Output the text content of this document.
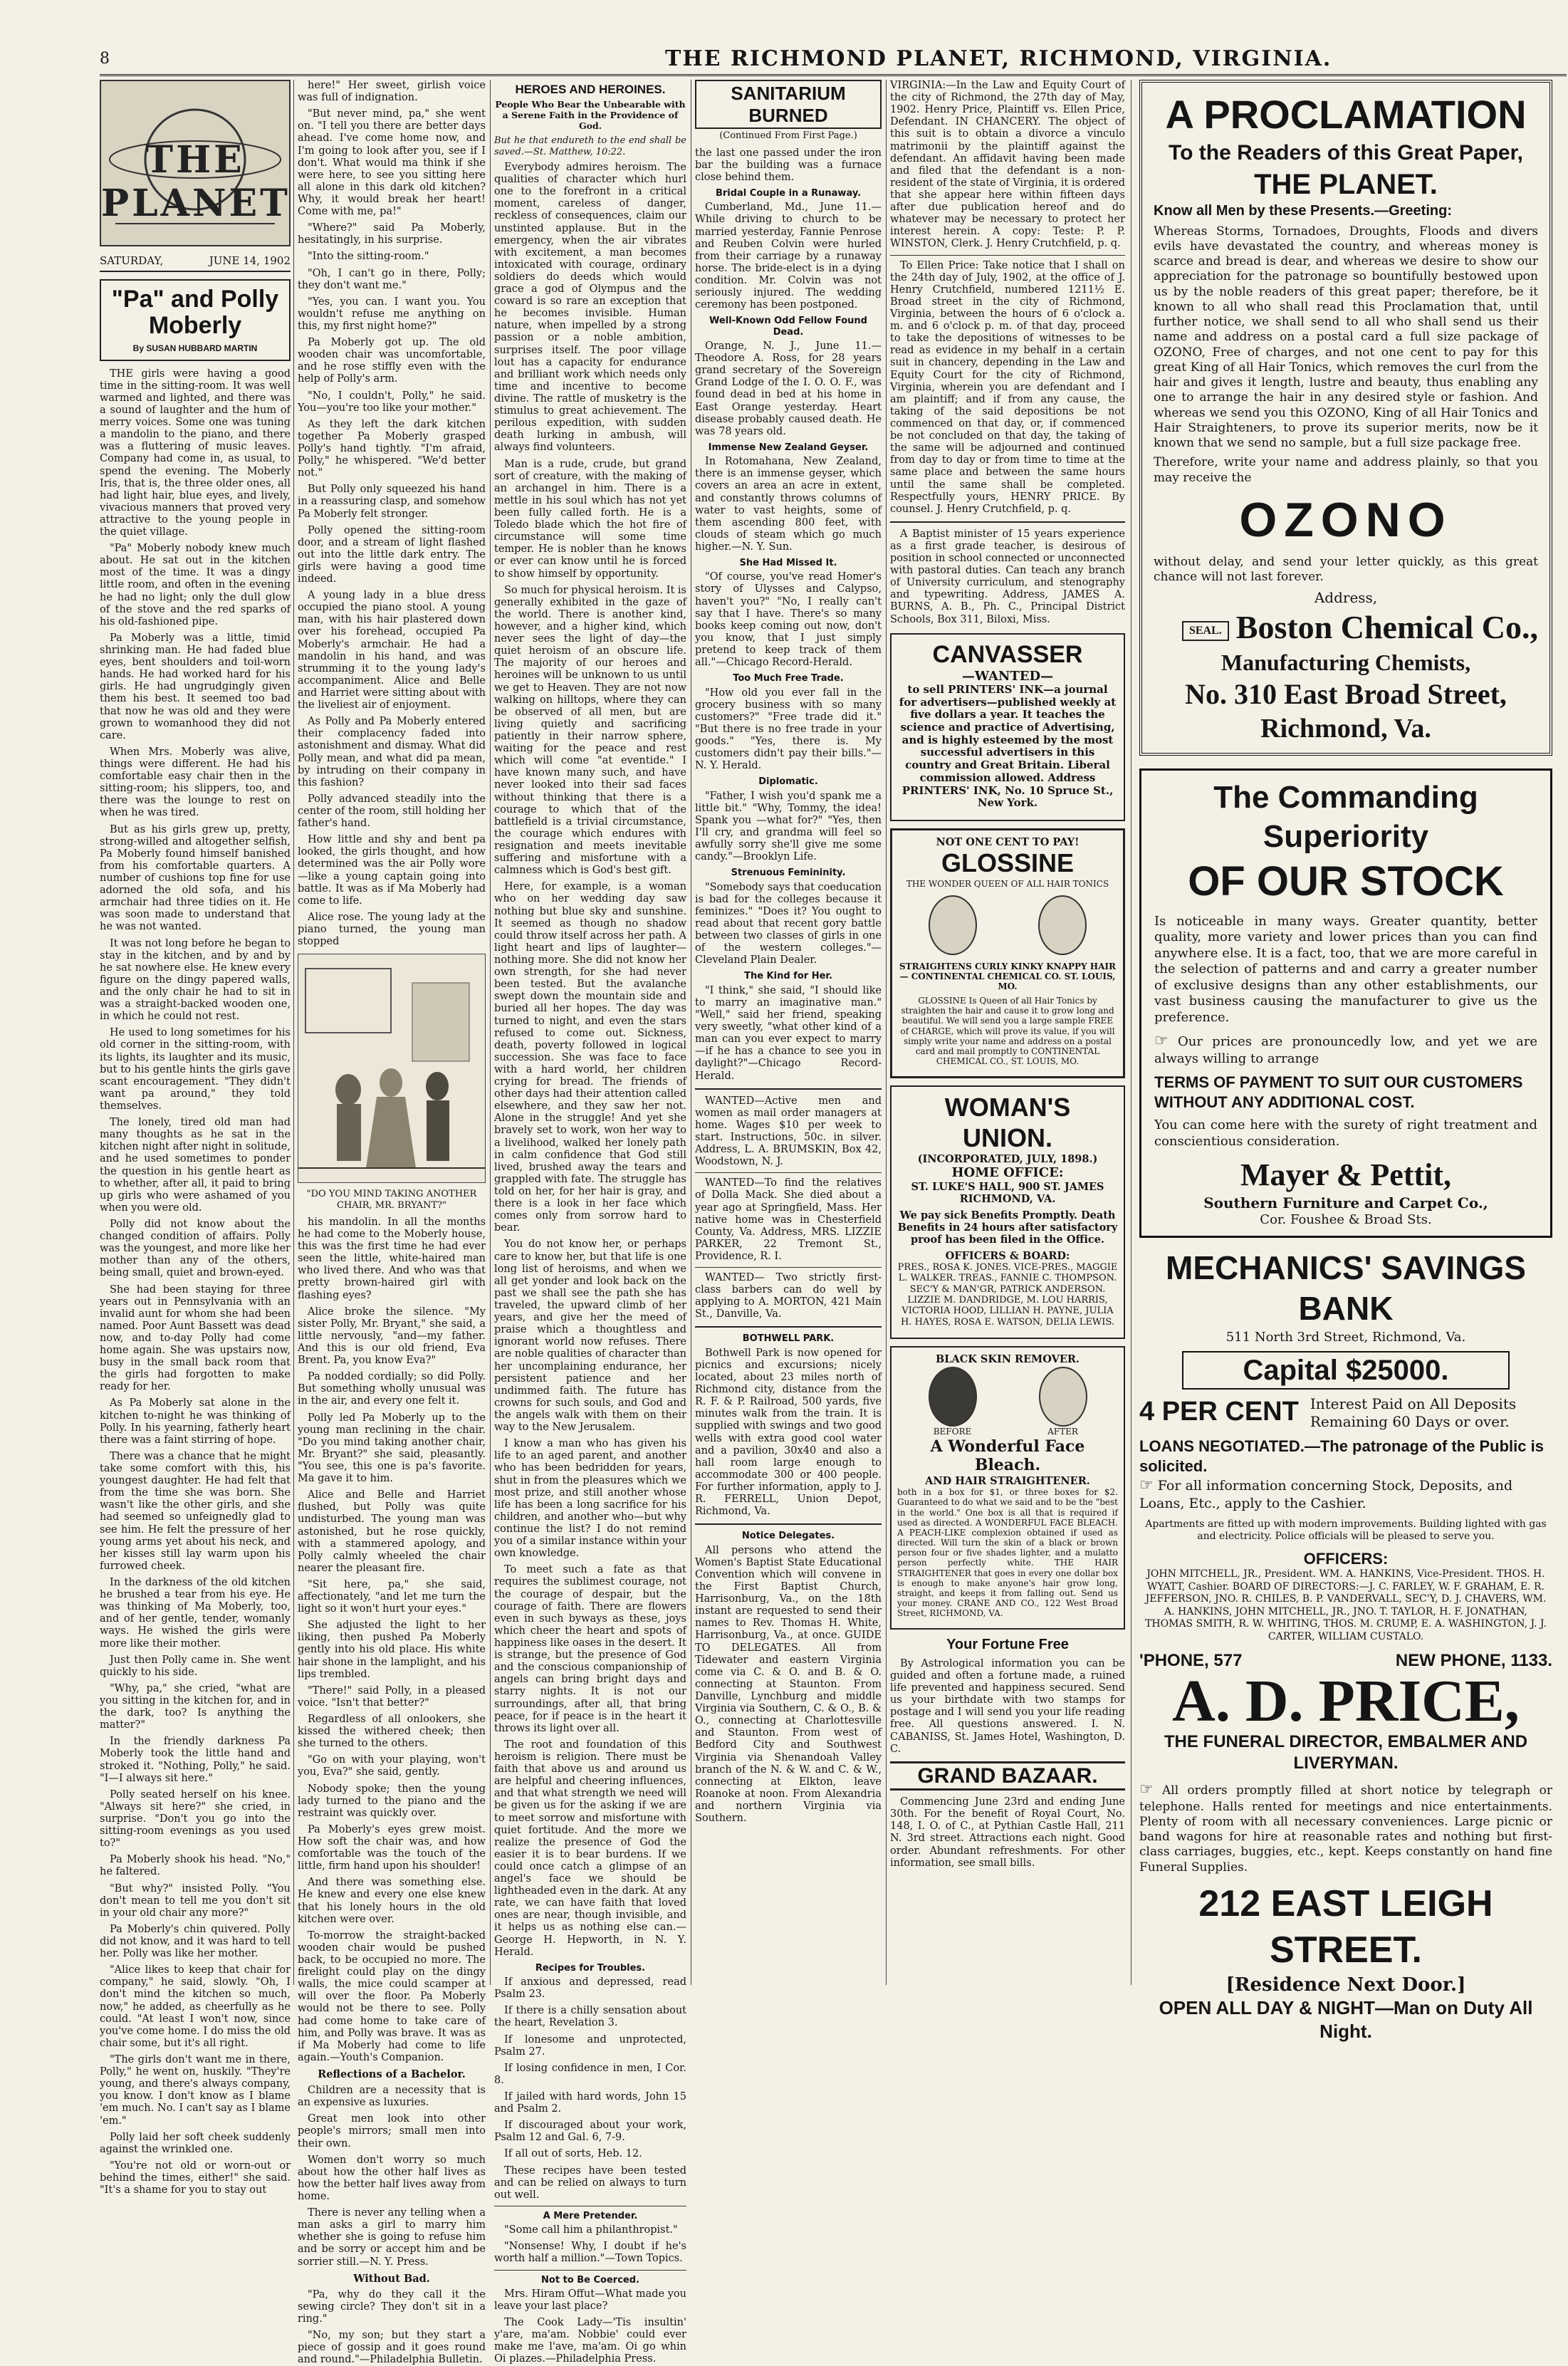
8	THE RICHMOND PLANET, RICHMOND, VIRGINIA.
THE PLANET
SATURDAY,	JUNE 14, 1902
"Pa" and Polly Moberly
By SUSAN HUBBARD MARTIN

THE girls were having a good time in the sitting-room. It was well warmed and lighted, and there was a sound of laughter and the hum of merry voices. Some one was tuning a mandolin to the piano, and there was a fluttering of music leaves. Company had come in, as usual, to spend the evening. The Moberly Iris, that is, the three older ones, all had light hair, blue eyes, and lively, vivacious manners that proved very attractive to the young people in the quiet village.

"Pa" Moberly nobody knew much about. He sat out in the kitchen most of the time. It was a dingy little room, and often in the evening he had no light; only the dull glow of the stove and the red sparks of his old-fashioned pipe.

Pa Moberly was a little, timid shrinking man. He had faded blue eyes, bent shoulders and toil-worn hands. He had worked hard for his girls. He had ungrudgingly given them his best. It seemed too bad that now he was old and they were grown to womanhood they did not care.

When Mrs. Moberly was alive, things were different. He had his comfortable easy chair then in the sitting-room; his slippers, too, and there was the lounge to rest on when he was tired.

But as his girls grew up, pretty, strong-willed and altogether selfish, Pa Moberly found himself banished from his comfortable quarters. A number of cushions top fine for use adorned the old sofa, and his armchair had three tidies on it. He was soon made to understand that he was not wanted.

It was not long before he began to stay in the kitchen, and by and by he sat nowhere else. He knew every figure on the dingy papered walls, and the only chair he had to sit in was a straight-backed wooden one, in which he could not rest.

He used to long sometimes for his old corner in the sitting-room, with its lights, its laughter and its music, but to his gentle hints the girls gave scant encouragement. "They didn't want pa around," they told themselves.

The lonely, tired old man had many thoughts as he sat in the kitchen night after night in solitude, and he used sometimes to ponder the question in his gentle heart as to whether, after all, it paid to bring up girls who were ashamed of you when you were old.

Polly did not know about the changed condition of affairs. Polly was the youngest, and more like her mother than any of the others, being small, quiet and brown-eyed.

She had been staying for three years out in Pennsylvania with an invalid aunt for whom she had been named. Poor Aunt Bassett was dead now, and to-day Polly had come home again. She was upstairs now, busy in the small back room that the girls had forgotten to make ready for her.

As Pa Moberly sat alone in the kitchen to-night he was thinking of Polly. In his yearning, fatherly heart there was a faint stirring of hope.

There was a chance that he might take some comfort with this, his youngest daughter. He had felt that from the time she was born. She wasn't like the other girls, and she had seemed so unfeignedly glad to see him. He felt the pressure of her young arms yet about his neck, and her kisses still lay warm upon his furrowed cheek.

In the darkness of the old kitchen he brushed a tear from his eye. He was thinking of Ma Moberly, too, and of her gentle, tender, womanly ways. He wished the girls were more like their mother.

Just then Polly came in. She went quickly to his side.

"Why, pa," she cried, "what are you sitting in the kitchen for, and in the dark, too? Is anything the matter?"

In the friendly darkness Pa Moberly took the little hand and stroked it. "Nothing, Polly," he said. "I—I always sit here."

Polly seated herself on his knee. "Always sit here?" she cried, in surprise. "Don't you go into the sitting-room evenings as you used to?"

Pa Moberly shook his head. "No," he faltered.

"But why?" insisted Polly. "You don't mean to tell me you don't sit in your old chair any more?"

Pa Moberly's chin quivered. Polly did not know, and it was hard to tell her. Polly was like her mother.

"Alice likes to keep that chair for company," he said, slowly. "Oh, I don't mind the kitchen so much, now," he added, as cheerfully as he could. "At least I won't now, since you've come home. I do miss the old chair some, but it's all right.

"The girls don't want me in there, Polly," he went on, huskily. "They're young, and there's always company, you know. I don't know as I blame 'em much. No. I can't say as I blame 'em."

Polly laid her soft cheek suddenly against the wrinkled one.

"You're not old or worn-out or behind the times, either!" she said. "It's a shame for you to stay out

here!" Her sweet, girlish voice was full of indignation.

"But never mind, pa," she went on. "I tell you there are better days ahead. I've come home now, and I'm going to look after you, see if I don't. What would ma think if she were here, to see you sitting here all alone in this dark old kitchen? Why, it would break her heart! Come with me, pa!"

"Where?" said Pa Moberly, hesitatingly, in his surprise.

"Into the sitting-room."

"Oh, I can't go in there, Polly; they don't want me."

"Yes, you can. I want you. You wouldn't refuse me anything on this, my first night home?"

Pa Moberly got up. The old wooden chair was uncomfortable, and he rose stiffly even with the help of Polly's arm.

"No, I couldn't, Polly," he said. You—you're too like your mother."

As they left the dark kitchen together Pa Moberly grasped Polly's hand tightly. "I'm afraid, Polly," he whispered. "We'd better not."

But Polly only squeezed his hand in a reassuring clasp, and somehow Pa Moberly felt stronger.

Polly opened the sitting-room door, and a stream of light flashed out into the little dark entry. The girls were having a good time indeed.

A young lady in a blue dress occupied the piano stool. A young man, with his hair plastered down over his forehead, occupied Pa Moberly's armchair. He had a mandolin in his hand, and was strumming it to the young lady's accompaniment. Alice and Belle and Harriet were sitting about with the liveliest air of enjoyment.

As Polly and Pa Moberly entered their complacency faded into astonishment and dismay. What did Polly mean, and what did pa mean, by intruding on their company in this fashion?

Polly advanced steadily into the center of the room, still holding her father's hand.

How little and shy and bent pa looked, the girls thought, and how determined was the air Polly wore—like a young captain going into battle. It was as if Ma Moberly had come to life.

Alice rose. The young lady at the piano turned, the young man stopped

"DO YOU MIND TAKING ANOTHER CHAIR, MR. BRYANT?"

his mandolin. In all the months he had come to the Moberly house, this was the first time he had ever seen the little, white-haired man who lived there. And who was that pretty brown-haired girl with flashing eyes?

Alice broke the silence. "My sister Polly, Mr. Bryant," she said, a little nervously, "and—my father. And this is our old friend, Eva Brent. Pa, you know Eva?"

Pa nodded cordially; so did Polly. But something wholly unusual was in the air, and every one felt it.

Polly led Pa Moberly up to the young man reclining in the chair. "Do you mind taking another chair, Mr. Bryant?" she said, pleasantly. "You see, this one is pa's favorite. Ma gave it to him.

Alice and Belle and Harriet flushed, but Polly was quite undisturbed. The young man was astonished, but he rose quickly, with a stammered apology, and Polly calmly wheeled the chair nearer the pleasant fire.

"Sit here, pa," she said, affectionately, "and let me turn the light so it won't hurt your eyes."

She adjusted the light to her liking, then pushed Pa Moberly gently into his old place. His white hair shone in the lamplight, and his lips trembled.

"There!" said Polly, in a pleased voice. "Isn't that better?"

Regardless of all onlookers, she kissed the withered cheek; then she turned to the others.

"Go on with your playing, won't you, Eva?" she said, gently.

Nobody spoke; then the young lady turned to the piano and the restraint was quickly over.

Pa Moberly's eyes grew moist. How soft the chair was, and how comfortable was the touch of the little, firm hand upon his shoulder!

And there was something else. He knew and every one else knew that his lonely hours in the old kitchen were over.

To-morrow the straight-backed wooden chair would be pushed back, to be occupied no more. The firelight could play on the dingy walls, the mice could scamper at will over the floor. Pa Moberly would not be there to see. Polly had come home to take care of him, and Polly was brave. It was as if Ma Moberly had come to life again.—Youth's Companion.

Reflections of a Bachelor.

Children are a necessity that is an expensive as luxuries.

Great men look into other people's mirrors; small men into their own.

Women don't worry so much about how the other half lives as how the better half lives away from home.

There is never any telling when a man asks a girl to marry him whether she is going to refuse him and be sorry or accept him and be sorrier still.—N. Y. Press.

Without Bad.

"Pa, why do they call it the sewing circle? They don't sit in a ring."

"No, my son; but they start a piece of gossip and it goes round and round."—Philadelphia Bulletin.

HEROES AND HEROINES.
People Who Bear the Unbearable with a Serene Faith in the Providence of God.

But he that endureth to the end shall be saved.—St. Matthew, 10:22.

Everybody admires heroism. The qualities of character which hurl one to the forefront in a critical moment, careless of danger, reckless of consequences, claim our unstinted applause. But in the emergency, when the air vibrates with excitement, a man becomes intoxicated with courage, ordinary soldiers do deeds which would grace a god of Olympus and the coward is so rare an exception that he becomes invisible. Human nature, when impelled by a strong passion or a noble ambition, surprises itself. The poor village lout has a capacity for endurance and brilliant work which needs only time and incentive to become divine. The rattle of musketry is the stimulus to great achievement. The perilous expedition, with sudden death lurking in ambush, will always find volunteers.

Man is a rude, crude, but grand sort of creature, with the making of an archangel in him. There is a mettle in his soul which has not yet been fully called forth. He is a Toledo blade which the hot fire of circumstance will some time temper. He is nobler than he knows or ever can know until he is forced to show himself by opportunity.

So much for physical heroism. It is generally exhibited in the gaze of the world. There is another kind, however, and a higher kind, which never sees the light of day—the quiet heroism of an obscure life. The majority of our heroes and heroines will be unknown to us until we get to Heaven. They are not now walking on hilltops, where they can be observed of all men, but are living quietly and sacrificing patiently in their narrow sphere, waiting for the peace and rest which will come "at eventide." I have known many such, and have never looked into their sad faces without thinking that there is a courage to which that of the battlefield is a trivial circumstance, the courage which endures with resignation and meets inevitable suffering and misfortune with a calmness which is God's best gift.

Here, for example, is a woman who on her wedding day saw nothing but blue sky and sunshine. It seemed as though no shadow could throw itself across her path. A light heart and lips of laughter—nothing more. She did not know her own strength, for she had never been tested. But the avalanche swept down the mountain side and buried all her hopes. The day was turned to night, and even the stars refused to come out. Sickness, death, poverty followed in logical succession. She was face to face with a hard world, her children crying for bread. The friends of other days had their attention called elsewhere, and they saw her not. Alone in the struggle! And yet she bravely set to work, won her way to a livelihood, walked her lonely path in calm confidence that God still lived, brushed away the tears and grappled with fate. The struggle has told on her, for her hair is gray, and there is a look in her face which comes only from sorrow hard to bear.

You do not know her, or perhaps care to know her, but that life is one long list of heroisms, and when we all get yonder and look back on the past we shall see the path she has traveled, the upward climb of her years, and give her the meed of praise which a thoughtless and ignorant world now refuses. There are noble qualities of character than her uncomplaining endurance, her persistent patience and her undimmed faith. The future has crowns for such souls, and God and the angels walk with them on their way to the New Jerusalem.

I know a man who has given his life to an aged parent, and another who has been bedridden for years, shut in from the pleasures which we most prize, and still another whose life has been a long sacrifice for his children, and another who—but why continue the list? I do not remind you of a similar instance within your own knowledge.

To meet such a fate as that requires the sublimest courage, not the courage of despair, but the courage of faith. There are flowers even in such byways as these, joys which cheer the heart and spots of happiness like oases in the desert. It is strange, but the presence of God and the conscious companionship of angels can bring bright days and starry nights. It is not our surroundings, after all, that bring peace, for if peace is in the heart it throws its light over all.

The root and foundation of this heroism is religion. There must be faith that above us and around us are helpful and cheering influences, and that what strength we need will be given us for the asking if we are to meet sorrow and misfortune with quiet fortitude. And the more we realize the presence of God the easier it is to bear burdens. If we could once catch a glimpse of an angel's face we should be lightheaded even in the dark. At any rate, we can have faith that loved ones are near, though invisible, and it helps us as nothing else can.—George H. Hepworth, in N. Y. Herald.

Recipes for Troubles.

If anxious and depressed, read Psalm 23.

If there is a chilly sensation about the heart, Revelation 3.

If lonesome and unprotected, Psalm 27.

If losing confidence in men, I Cor. 8.

If jailed with hard words, John 15 and Psalm 2.

If discouraged about your work, Psalm 12 and Gal. 6, 7-9.

If all out of sorts, Heb. 12.

These recipes have been tested and can be relied on always to turn out well.

A Mere Pretender.

"Some call him a philanthropist."

"Nonsense! Why, I doubt if he's worth half a million."—Town Topics.

Not to Be Coerced.

Mrs. Hiram Offut—What made you leave your last place?

The Cook Lady—'Tis insultin' y'are, ma'am. Nobbie' could ever make me l'ave, ma'am. Oi go whin Oi plazes.—Philadelphia Press.

SANITARIUM BURNED
(Continued From First Page.)

the last one passed under the iron bar the building was a furnace close behind them.

Bridal Couple in a Runaway.

Cumberland, Md., June 11.—While driving to church to be married yesterday, Fannie Penrose and Reuben Colvin were hurled from their carriage by a runaway horse. The bride-elect is in a dying condition. Mr. Colvin was not seriously injured. The wedding ceremony has been postponed.

Well-Known Odd Fellow Found Dead.

Orange, N. J., June 11.—Theodore A. Ross, for 28 years grand secretary of the Sovereign Grand Lodge of the I. O. O. F., was found dead in bed at his home in East Orange yesterday. Heart disease probably caused death. He was 78 years old.

Immense New Zealand Geyser.

In Rotomahana, New Zealand, there is an immense geyser, which covers an area an acre in extent, and constantly throws columns of water to vast heights, some of them ascending 800 feet, with clouds of steam which go much higher.—N. Y. Sun.

She Had Missed It.

"Of course, you've read Homer's story of Ulysses and Calypso, haven't you?" "No, I really can't say that I have. There's so many books keep coming out now, don't you know, that I just simply pretend to keep track of them all."—Chicago Record-Herald.

Too Much Free Trade.

"How old you ever fall in the grocery business with so many customers?" "Free trade did it." "But there is no free trade in your goods." "Yes, there is. My customers didn't pay their bills."—N. Y. Herald.

Diplomatic.

"Father, I wish you'd spank me a little bit." "Why, Tommy, the idea! Spank you —what for?" "Yes, then I'll cry, and grandma will feel so awfully sorry she'll give me some candy."—Brooklyn Life.

Strenuous Femininity.

"Somebody says that coeducation is bad for the colleges because it feminizes." "Does it? You ought to read about that recent gory battle between two classes of girls in one of the western colleges."—Cleveland Plain Dealer.

The Kind for Her.

"I think," she said, "I should like to marry an imaginative man." "Well," said her friend, speaking very sweetly, "what other kind of a man can you ever expect to marry—if he has a chance to see you in daylight?"—Chicago Record-Herald.

WANTED—Active men and women as mail order managers at home. Wages $10 per week to start. Instructions, 50c. in silver. Address, L. A. BRUMSKIN, Box 42, Woodstown, N. J.

WANTED—To find the relatives of Dolla Mack. She died about a year ago at Springfield, Mass. Her native home was in Chesterfield County, Va. Address, MRS. LIZZIE PARKER, 22 Tremont St., Providence, R. I.

WANTED— Two strictly first-class barbers can do well by applying to A. MORTON, 421 Main St., Danville, Va.

BOTHWELL PARK.

Bothwell Park is now opened for picnics and excursions; nicely located, about 23 miles north of Richmond city, distance from the R. F. & P. Railroad, 500 yards, five minutes walk from the train. It is supplied with swings and two good wells with extra good cool water and a pavilion, 30x40 and also a hall room large enough to accommodate 300 or 400 people. For further information, apply to J. R. FERRELL, Union Depot, Richmond, Va.

Notice Delegates.

All persons who attend the Women's Baptist State Educational Convention which will convene in the First Baptist Church, Harrisonburg, Va., on the 18th instant are requested to send their names to Rev. Thomas H. White, Harrisonburg, Va., at once. GUIDE TO DELEGATES. All from Tidewater and eastern Virginia come via C. & O. and B. & O. connecting at Staunton. From Danville, Lynchburg and middle Virginia via Southern, C. & O., B. & O., connecting at Charlottesville and Staunton. From west of Bedford City and Southwest Virginia via Shenandoah Valley branch of the N. & W. and C. & W., connecting at Elkton, leave Roanoke at noon. From Alexandria and northern Virginia via Southern.

VIRGINIA:—In the Law and Equity Court of the city of Richmond, the 27th day of May, 1902. Henry Price, Plaintiff vs. Ellen Price, Defendant. IN CHANCERY. The object of this suit is to obtain a divorce a vinculo matrimonii by the plaintiff against the defendant. An affidavit having been made and filed that the defendant is a non-resident of the state of Virginia, it is ordered that she appear here within fifteen days after due publication hereof and do whatever may be necessary to protect her interest herein. A copy: Teste: P. P. WINSTON, Clerk. J. Henry Crutchfield, p. q.

To Ellen Price: Take notice that I shall on the 24th day of July, 1902, at the office of J. Henry Crutchfield, numbered 1211½ E. Broad street in the city of Richmond, Virginia, between the hours of 6 o'clock a. m. and 6 o'clock p. m. of that day, proceed to take the depositions of witnesses to be read as evidence in my behalf in a certain suit in chancery, depending in the Law and Equity Court for the city of Richmond, Virginia, wherein you are defendant and I am plaintiff; and if from any cause, the taking of the said depositions be not commenced on that day, or, if commenced be not concluded on that day, the taking of the same will be adjourned and continued from day to day or from time to time at the same place and between the same hours until the same shall be completed. Respectfully yours, HENRY PRICE. By counsel. J. Henry Crutchfield, p. q.

A Baptist minister of 15 years experience as a first grade teacher, is desirous of position in school connected or unconnected with pastoral duties. Can teach any branch of University curriculum, and stenography and typewriting. Address, JAMES A. BURNS, A. B., Ph. C., Principal District Schools, Box 311, Biloxi, Miss.

CANVASSER
—WANTED—

to sell PRINTERS' INK—a journal for advertisers—published weekly at five dollars a year. It teaches the science and practice of Advertising, and is highly esteemed by the most successful advertisers in this country and Great Britain. Liberal commission allowed. Address PRINTERS' INK, No. 10 Spruce St., New York.

NOT ONE CENT TO PAY!
GLOSSINE
THE WONDER QUEEN OF ALL HAIR TONICS
STRAIGHTENS CURLY KINKY KNAPPY HAIR — CONTINENTAL CHEMICAL CO. ST. LOUIS, MO.

GLOSSINE Is Queen of all Hair Tonics by straighten the hair and cause it to grow long and beautiful. We will send you a large sample FREE of CHARGE, which will prove its value, if you will simply write your name and address on a postal card and mail promptly to CONTINENTAL CHEMICAL CO., ST. LOUIS, MO.

WOMAN'S UNION.
(INCORPORATED, JULY, 1898.)
HOME OFFICE:
ST. LUKE'S HALL, 900 ST. JAMES RICHMOND, VA.

We pay sick Benefits Promptly. Death Benefits in 24 hours after satisfactory proof has been filed in the Office.

OFFICERS & BOARD:

PRES., ROSA K. JONES. VICE-PRES., MAGGIE L. WALKER. TREAS., FANNIE C. THOMPSON. SEC'Y & MAN'GR, PATRICK ANDERSON. LIZZIE M. DANDRIDGE, M. LOU HARRIS, VICTORIA HOOD, LILLIAN H. PAYNE, JULIA H. HAYES, ROSA E. WATSON, DELIA LEWIS.

BLACK SKIN REMOVER.
BEFORE	AFTER
A Wonderful Face Bleach.
AND HAIR STRAIGHTENER.

both in a box for $1, or three boxes for $2. Guaranteed to do what we said and to be the "best in the world." One box is all that is required if used as directed. A WONDERFUL FACE BLEACH. A PEACH-LIKE complexion obtained if used as directed. Will turn the skin of a black or brown person four or five shades lighter, and a mulatto person perfectly white. THE HAIR STRAIGHTENER that goes in every one dollar box is enough to make anyone's hair grow long, straight, and keeps it from falling out. Send us your money. CRANE AND CO., 122 West Broad Street, RICHMOND, VA.

Your Fortune Free

By Astrological information you can be guided and often a fortune made, a ruined life prevented and happiness secured. Send us your birthdate with two stamps for postage and I will send you your life reading free. All questions answered. I. N. CABANISS, St. James Hotel, Washington, D. C.

GRAND BAZAAR.

Commencing June 23rd and ending June 30th. For the benefit of Royal Court, No. 148, I. O. of C., at Pythian Castle Hall, 211 N. 3rd street. Attractions each night. Good order. Abundant refreshments. For other information, see small bills.

A PROCLAMATION
To the Readers of this Great Paper,
THE PLANET.
Know all Men by these Presents.—Greeting:
Whereas Storms, Tornadoes, Droughts, Floods and divers evils have devastated the country, and whereas money is scarce and bread is dear, and whereas we desire to show our appreciation for the patronage so bountifully bestowed upon us by the noble readers of this great paper; therefore, be it known to all who shall read this Proclamation that, until further notice, we shall send to all who shall send us their name and address on a postal card a full size package of OZONO, Free of charges, and not one cent to pay for this great King of all Hair Tonics, which removes the curl from the hair and gives it length, lustre and beauty, thus enabling any one to arrange the hair in any desired style or fashion. And whereas we send you this OZONO, King of all Hair Tonics and Hair Straighteners, to prove its superior merits, now be it known that we send no sample, but a full size package free.
Therefore, write your name and address plainly, so that you may receive the
OZONO
without delay, and send your letter quickly, as this great chance will not last forever.
Address,
SEAL. Boston Chemical Co.,
Manufacturing Chemists,
No. 310 East Broad Street,
Richmond, Va.
The Commanding Superiority
OF OUR STOCK
Is noticeable in many ways. Greater quantity, better quality, more variety and lower prices than you can find anywhere else. It is a fact, too, that we are more careful in the selection of patterns and and carry a greater number of exclusive designs than any other establishments, our vast business causing the manufacturer to give us the preference.
☞ Our prices are pronouncedly low, and yet we are always willing to arrange
TERMS OF PAYMENT TO SUIT OUR CUSTOMERS WITHOUT ANY ADDITIONAL COST.
You can come here with the surety of right treatment and conscientious consideration.
Mayer & Pettit,
Southern Furniture and Carpet Co.,
Cor. Foushee & Broad Sts.
MECHANICS' SAVINGS BANK
511 North 3rd Street, Richmond, Va.
Capital $25000.
4 PER CENT Interest Paid on All Deposits Remaining 60 Days or over.
LOANS NEGOTIATED.—The patronage of the Public is solicited.
☞ For all information concerning Stock, Deposits, and Loans, Etc., apply to the Cashier.
Apartments are fitted up with modern improvements. Building lighted with gas and electricity. Police officials will be pleased to serve you.
OFFICERS:
JOHN MITCHELL, JR., President. WM. A. HANKINS, Vice-President. THOS. H. WYATT, Cashier. BOARD OF DIRECTORS:—J. C. FARLEY, W. F. GRAHAM, E. R. JEFFERSON, JNO. R. CHILES, B. P. VANDERVALL, SEC'Y, D. J. CHAVERS, WM. A. HANKINS, JOHN MITCHELL, JR., JNO. T. TAYLOR, H. F. JONATHAN, THOMAS SMITH, R. W. WHITING, THOS. M. CRUMP, E. A. WASHINGTON, J. J. CARTER, WILLIAM CUSTALO.
'PHONE, 577	NEW PHONE, 1133.
A. D. PRICE,
THE FUNERAL DIRECTOR, EMBALMER AND LIVERYMAN.
☞ All orders promptly filled at short notice by telegraph or telephone. Halls rented for meetings and nice entertainments. Plenty of room with all necessary conveniences. Large picnic or band wagons for hire at reasonable rates and nothing but first-class carriages, buggies, etc., kept. Keeps constantly on hand fine Funeral Supplies.
212 EAST LEIGH STREET.
[Residence Next Door.]
OPEN ALL DAY & NIGHT—Man on Duty All Night.
